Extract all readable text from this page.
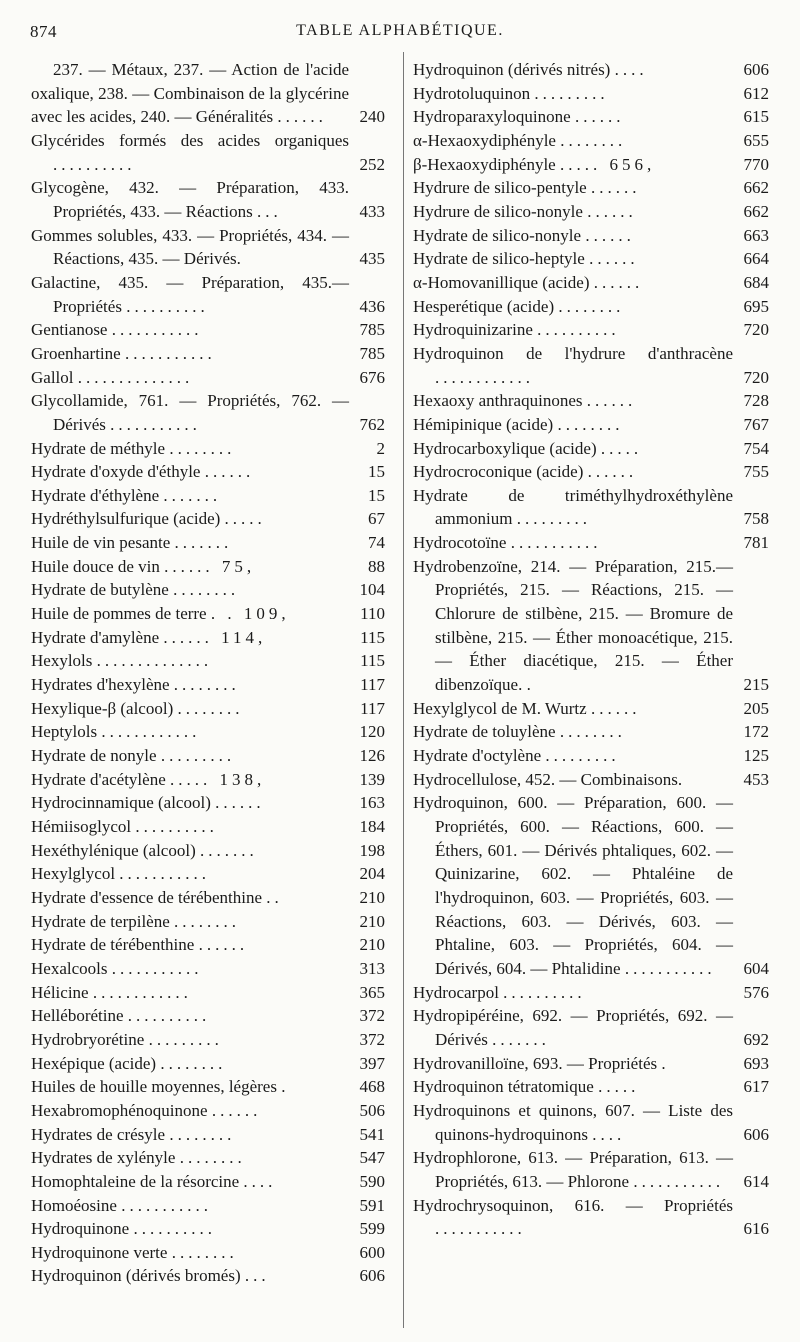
874	TABLE ALPHABÉTIQUE.
237. — Métaux, 237. — Action de l'acide oxalique, 238. — Combinaison de la glycérine avec les acides, 240. — Généralités ......	240
Glycérides formés des acides organiques ..........	252
Glycogène, 432. — Préparation, 433. Propriétés, 433. — Réactions ...	433
Gommes solubles, 433. — Propriétés, 434. — Réactions, 435. — Dérivés.	435
Galactine, 435. — Préparation, 435.— Propriétés ..........	436
Gentianose ...........	785
Groenhartine ...........	785
Gallol ..............	676
Glycollamide, 761. — Propriétés, 762. — Dérivés ...........	762
Hydrate de méthyle ........	2
Hydrate d'oxyde d'éthyle ......	15
Hydrate d'éthylène .......	15
Hydréthylsulfurique (acide) .....	67
Huile de vin pesante .......	74
Huile douce de vin ...... 75,	88
Hydrate de butylène ........	104
Huile de pommes de terre . . 109,	110
Hydrate d'amylène ...... 114,	115
Hexylols ..............	115
Hydrates d'hexylène ........	117
Hexylique-β (alcool) ........	117
Heptylols ............	120
Hydrate de nonyle .........	126
Hydrate d'acétylène ..... 138,	139
Hydrocinnamique (alcool) ......	163
Hémiisoglycol ..........	184
Hexéthylénique (alcool) .......	198
Hexylglycol ...........	204
Hydrate d'essence de térébenthine ..	210
Hydrate de terpilène ........	210
Hydrate de térébenthine ......	210
Hexalcools ...........	313
Hélicine ............	365
Helléborétine ..........	372
Hydrobryorétine .........	372
Hexépique (acide) ........	397
Huiles de houille moyennes, légères .	468
Hexabromophénoquinone ......	506
Hydrates de crésyle ........	541
Hydrates de xylényle ........	547
Homophtaleine de la résorcine ....	590
Homoéosine ...........	591
Hydroquinone ..........	599
Hydroquinone verte ........	600
Hydroquinon (dérivés bromés) ...	606
Hydroquinon (dérivés nitrés) ....	606
Hydrotoluquinon .........	612
Hydroparaxyloquinone ......	615
α-Hexaoxydiphényle ........	655
β-Hexaoxydiphényle ..... 656,	770
Hydrure de silico-pentyle ......	662
Hydrure de silico-nonyle ......	662
Hydrate de silico-nonyle ......	663
Hydrate de silico-heptyle ......	664
α-Homovanillique (acide) ......	684
Hesperétique (acide) ........	695
Hydroquinizarine ..........	720
Hydroquinon de l'hydrure d'anthracène ............	720
Hexaoxy anthraquinones ......	728
Hémipinique (acide) ........	767
Hydrocarboxylique (acide) .....	754
Hydrocroconique (acide) ......	755
Hydrate de triméthylhydroxéthylène ammonium .........	758
Hydrocotoïne ...........	781
Hydrobenzoïne, 214. — Préparation, 215.— Propriétés, 215. — Réactions, 215. — Chlorure de stilbène, 215. — Bromure de stilbène, 215. — Éther monoacétique, 215. — Éther diacétique, 215. — Éther dibenzoïque. .	215
Hexylglycol de M. Wurtz ......	205
Hydrate de toluylène ........	172
Hydrate d'octylène .........	125
Hydrocellulose, 452. — Combinaisons.	453
Hydroquinon, 600. — Préparation, 600. — Propriétés, 600. — Réactions, 600. — Éthers, 601. — Dérivés phtaliques, 602. — Quinizarine, 602. — Phtaléine de l'hydroquinon, 603. — Propriétés, 603. — Réactions, 603. — Dérivés, 603. — Phtaline, 603. — Propriétés, 604. — Dérivés, 604. — Phtalidine ...........	604
Hydrocarpol ..........	576
Hydropipéréine, 692. — Propriétés, 692. — Dérivés .......	692
Hydrovanilloïne, 693. — Propriétés .	693
Hydroquinon tétratomique .....	617
Hydroquinons et quinons, 607. — Liste des quinons-hydroquinons ....	606
Hydrophlorone, 613. — Préparation, 613. — Propriétés, 613. — Phlorone ...........	614
Hydrochrysoquinon, 616. — Propriétés ...........	616
